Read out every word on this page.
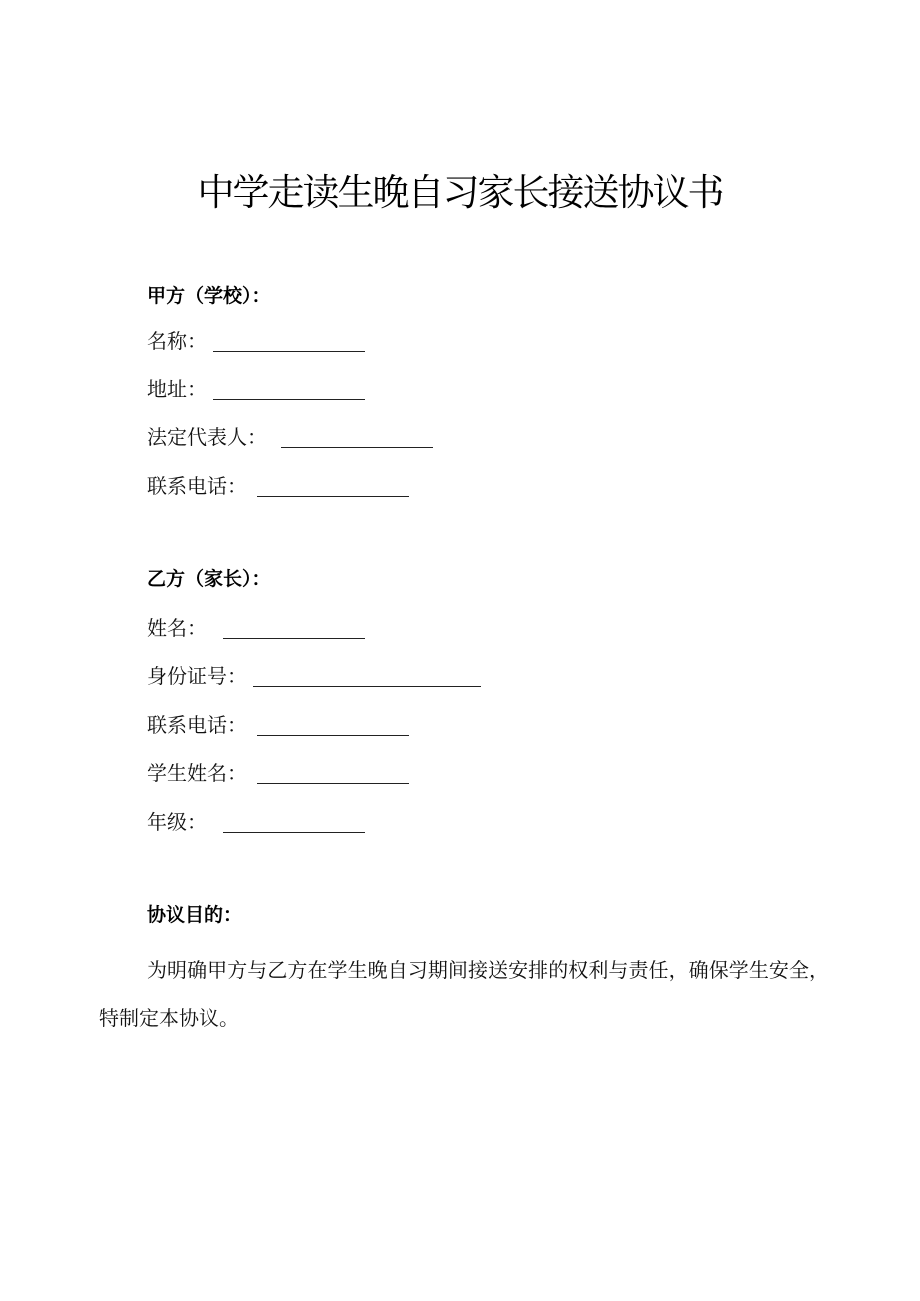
中学走读生晚自习家长接送协议书
甲方（学校）：
名称：
地址：
法定代表人：
联系电话：
乙方（家长）：
姓名：
身份证号：
联系电话：
学生姓名：
年级：
协议目的：

为明确甲方与乙方在学生晚自习期间接送安排的权利与责任，确保学生安全，特制定本协议。
